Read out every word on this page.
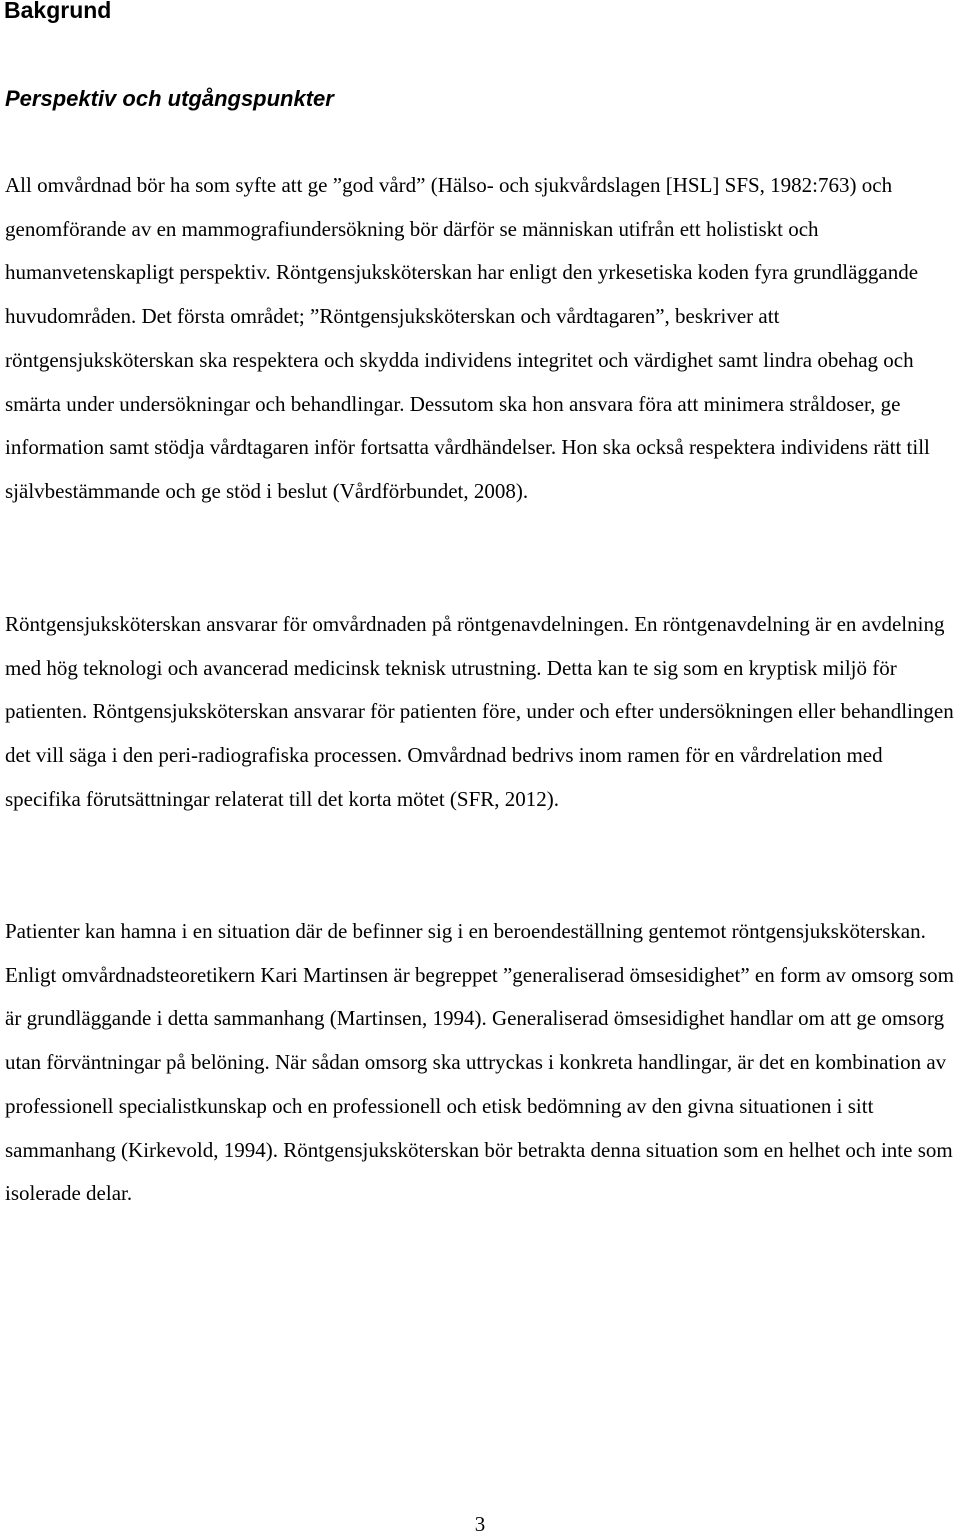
Bakgrund
Perspektiv och utgångspunkter

All omvårdnad bör ha som syfte att ge ”god vård” (Hälso- och sjukvårdslagen [HSL] SFS, 1982:763) och genomförande av en mammografiundersökning bör därför se människan utifrån ett holistiskt och humanvetenskapligt perspektiv. Röntgensjuksköterskan har enligt den yrkesetiska koden fyra grundläggande huvudområden. Det första området; ”Röntgensjuksköterskan och vårdtagaren”, beskriver att röntgensjuksköterskan ska respektera och skydda individens integritet och värdighet samt lindra obehag och smärta under undersökningar och behandlingar. Dessutom ska hon ansvara föra att minimera stråldoser, ge information samt stödja vårdtagaren inför fortsatta vårdhändelser. Hon ska också respektera individens rätt till självbestämmande och ge stöd i beslut (Vårdförbundet, 2008).

Röntgensjuksköterskan ansvarar för omvårdnaden på röntgenavdelningen. En röntgenavdelning är en avdelning med hög teknologi och avancerad medicinsk teknisk utrustning. Detta kan te sig som en kryptisk miljö för patienten. Röntgensjuksköterskan ansvarar för patienten före, under och efter undersökningen eller behandlingen det vill säga i den peri-radiografiska processen. Omvårdnad bedrivs inom ramen för en vårdrelation med specifika förutsättningar relaterat till det korta mötet (SFR, 2012).

Patienter kan hamna i en situation där de befinner sig i en beroendeställning gentemot röntgensjuksköterskan. Enligt omvårdnadsteoretikern Kari Martinsen är begreppet ”generaliserad ömsesidighet” en form av omsorg som är grundläggande i detta sammanhang (Martinsen, 1994). Generaliserad ömsesidighet handlar om att ge omsorg utan förväntningar på belöning. När sådan omsorg ska uttryckas i konkreta handlingar, är det en kombination av professionell specialistkunskap och en professionell och etisk bedömning av den givna situationen i sitt sammanhang (Kirkevold, 1994). Röntgensjuksköterskan bör betrakta denna situation som en helhet och inte som isolerade delar.

3
